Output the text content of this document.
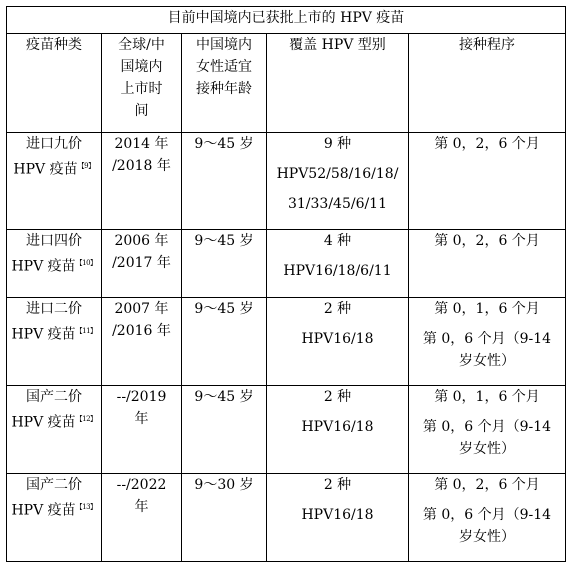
目前中国境内已获批上市的 HPV 疫苗				
疫苗种类	全球/中
国境内
上市时
间	中国境内
女性适宜
接种年龄	覆盖 HPV 型别	接种程序

进口九价
HPV 疫苗$^{【9】}$	2014 年
/2018 年	9～45 岁	9 种
HPV52/58/16/18/
31/33/45/6/11	第 0，2，6 个月

进口四价
HPV 疫苗$^{【10】}$	2006 年
/2017 年	9～45 岁	4 种
HPV16/18/6/11	第 0，2，6 个月

进口二价
HPV 疫苗$^{【11】}$	2007 年
/2016 年	9～45 岁	2 种
HPV16/18	第 0，1，6 个月
第 0，6 个月（9-14
岁女性）

国产二价
HPV 疫苗$^{【12】}$	--/2019
年	9～45 岁	2 种
HPV16/18	第 0，1，6 个月
第 0，6 个月（9-14
岁女性）

国产二价
HPV 疫苗$^{【13】}$	--/2022
年	9～30 岁	2 种
HPV16/18	第 0，2，6 个月
第 0，6 个月（9-14
岁女性）
